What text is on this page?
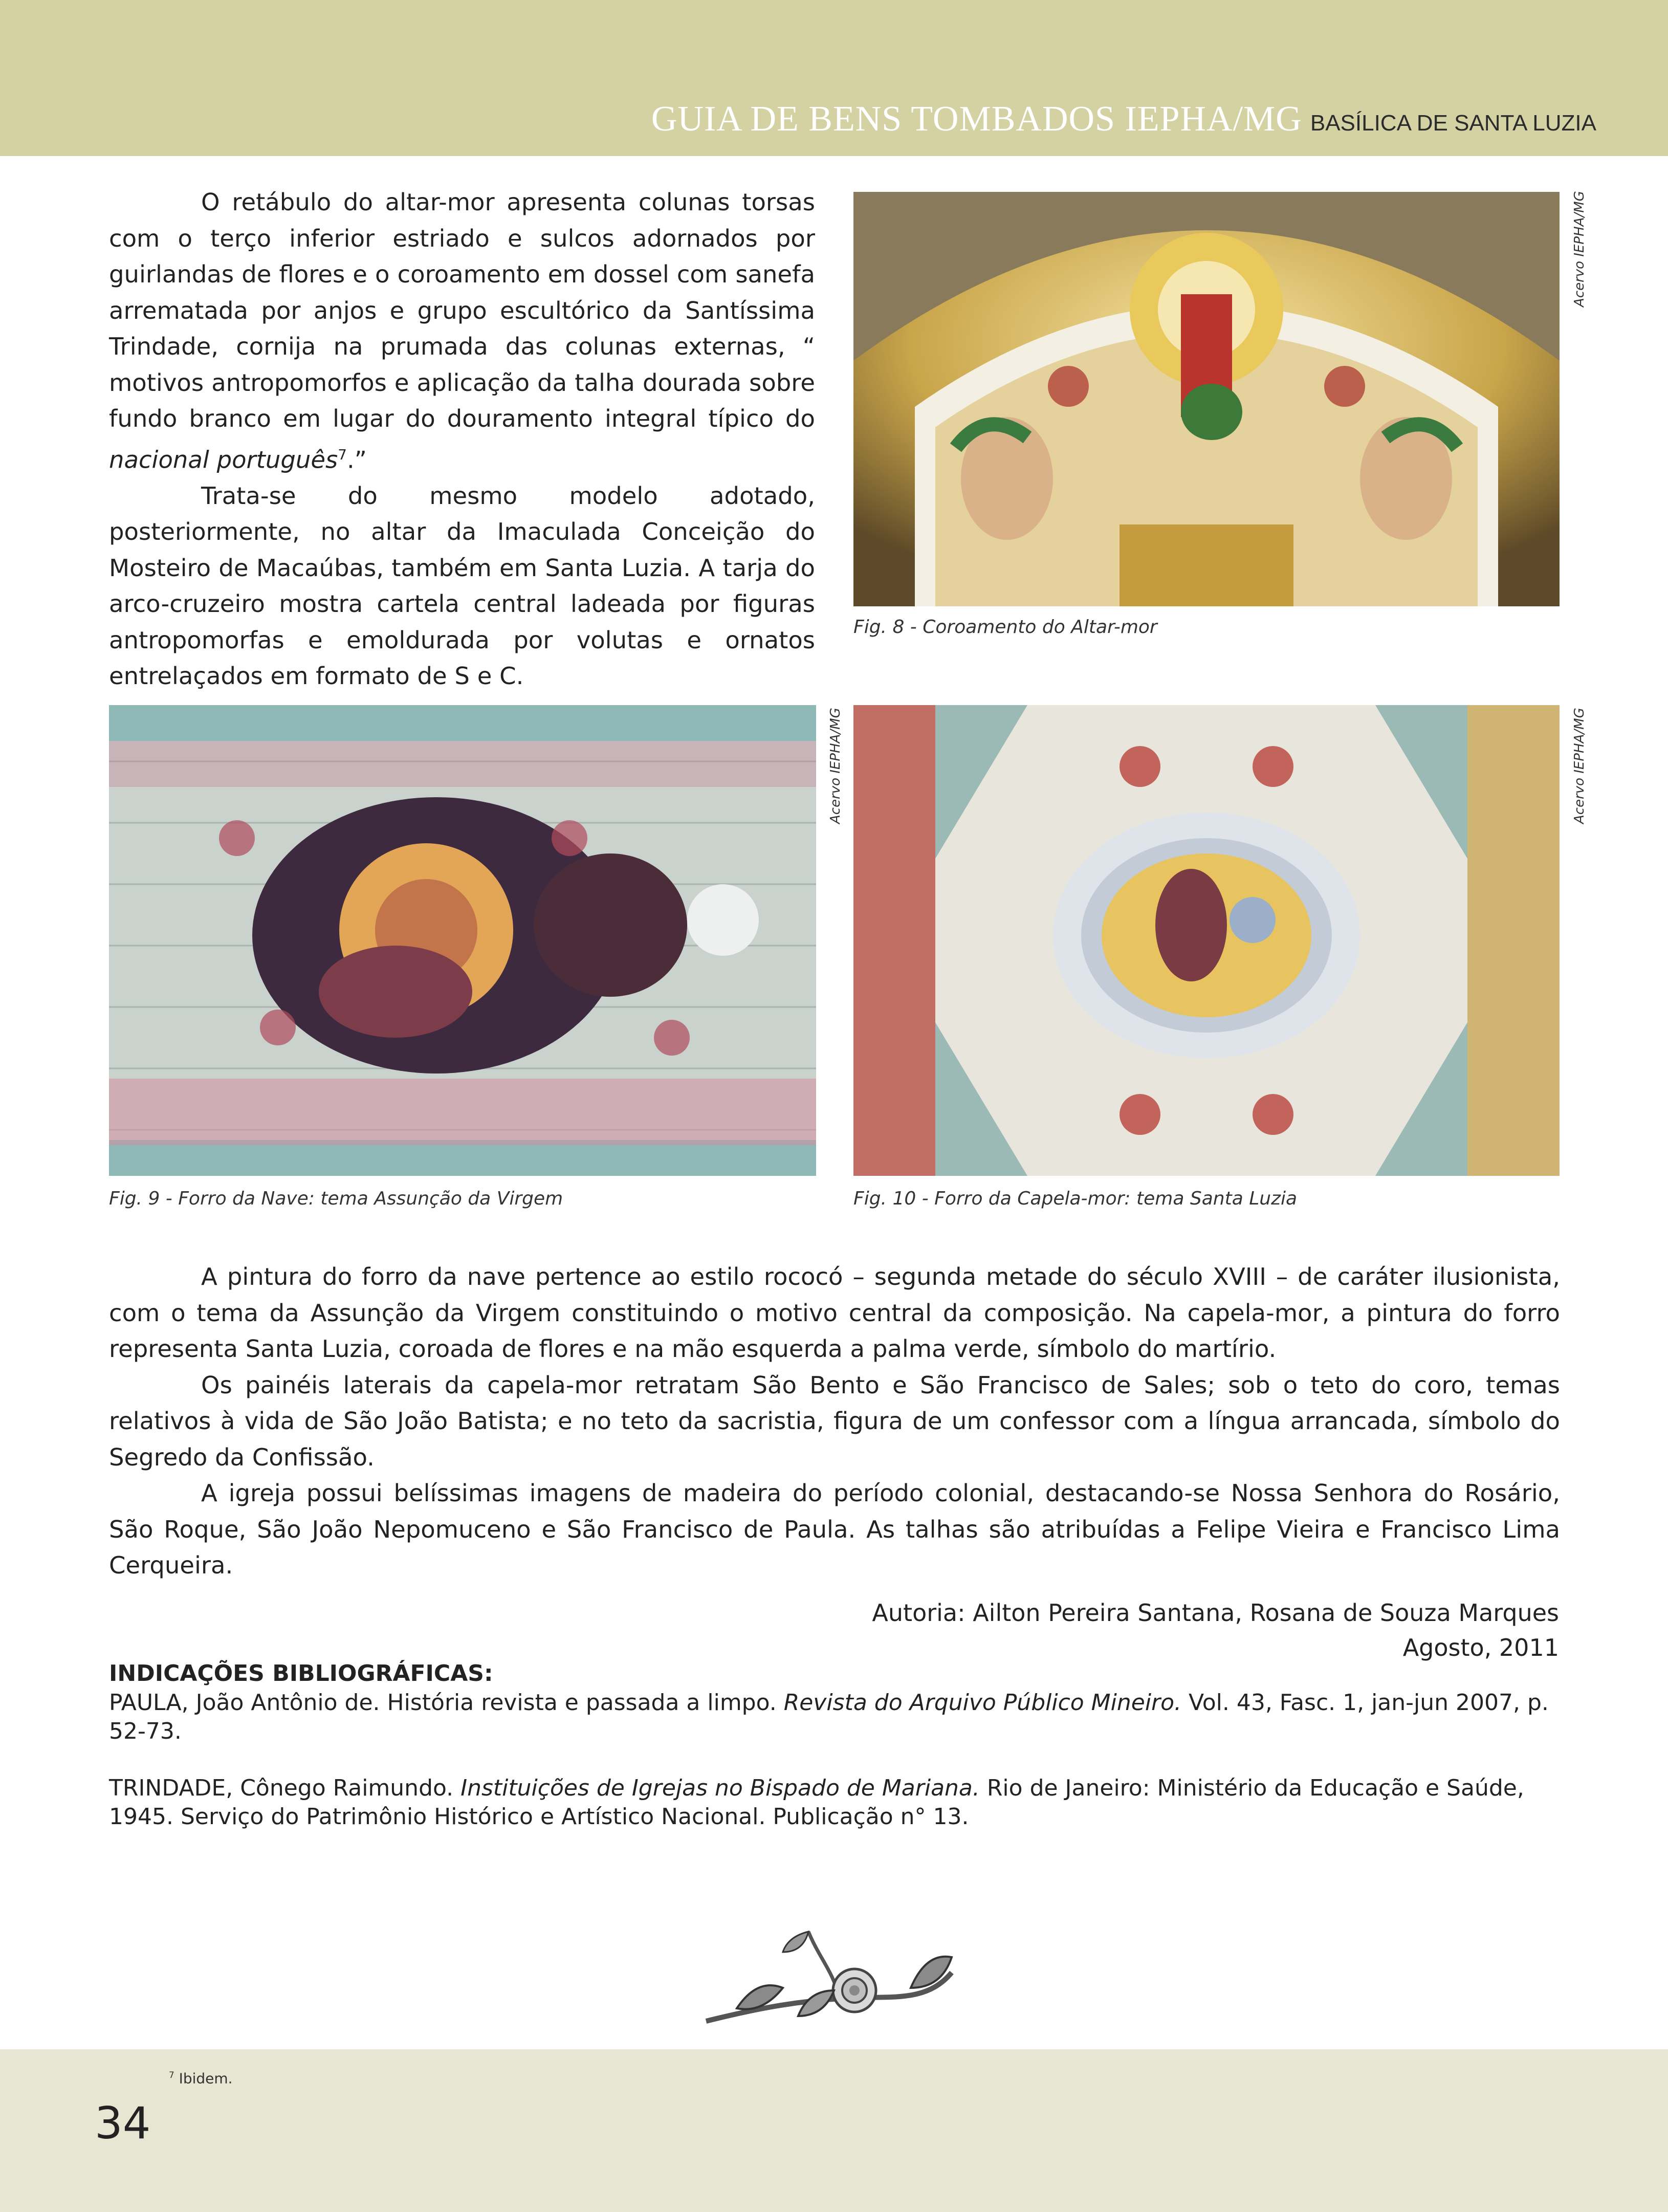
GUIA DE BENS TOMBADOS IEPHA/MG BASÍLICA DE SANTA LUZIA

O retábulo do altar-mor apresenta colunas torsas com o terço inferior estriado e sulcos adornados por guirlandas de flores e o coroamento em dossel com sanefa arrematada por anjos e grupo escultórico da Santíssima Trindade, cornija na prumada das colunas externas, “ motivos antropomorfos e aplicação da talha dourada sobre fundo branco em lugar do douramento integral típico do nacional português$^7$.”

Trata-se do mesmo modelo adotado, posteriormente, no altar da Imaculada Conceição do Mosteiro de Macaúbas, também em Santa Luzia. A tarja do arco-cruzeiro mostra cartela central ladeada por figuras antropomorfas e emoldurada por volutas e ornatos entrelaçados em formato de S e C.

Acervo IEPHA/MG
Fig. 8 - Coroamento do Altar-mor
Acervo IEPHA/MG
Fig. 9 - Forro da Nave: tema Assunção da Virgem
Acervo IEPHA/MG
Fig. 10 - Forro da Capela-mor: tema Santa Luzia

A pintura do forro da nave pertence ao estilo rococó – segunda metade do século XVIII – de caráter ilusionista, com o tema da Assunção da Virgem constituindo o motivo central da composição. Na capela-mor, a pintura do forro representa Santa Luzia, coroada de flores e na mão esquerda a palma verde, símbolo do martírio.

Os painéis laterais da capela-mor retratam São Bento e São Francisco de Sales; sob o teto do coro, temas relativos à vida de São João Batista; e no teto da sacristia, figura de um confessor com a língua arrancada, símbolo do Segredo da Confissão.

A igreja possui belíssimas imagens de madeira do período colonial, destacando-se Nossa Senhora do Rosário, São Roque, São João Nepomuceno e São Francisco de Paula. As talhas são atribuídas a Felipe Vieira e Francisco Lima Cerqueira.

Autoria: Ailton Pereira Santana, Rosana de Souza Marques
Agosto, 2011
INDICAÇÕES BIBLIOGRÁFICAS:

PAULA, João Antônio de. História revista e passada a limpo. Revista do Arquivo Público Mineiro. Vol. 43, Fasc. 1, jan-jun 2007, p. 52-73.

TRINDADE, Cônego Raimundo. Instituições de Igrejas no Bispado de Mariana. Rio de Janeiro: Ministério da Educação e Saúde, 1945. Serviço do Patrimônio Histórico e Artístico Nacional. Publicação n° 13.

$^7$ Ibidem.
34
